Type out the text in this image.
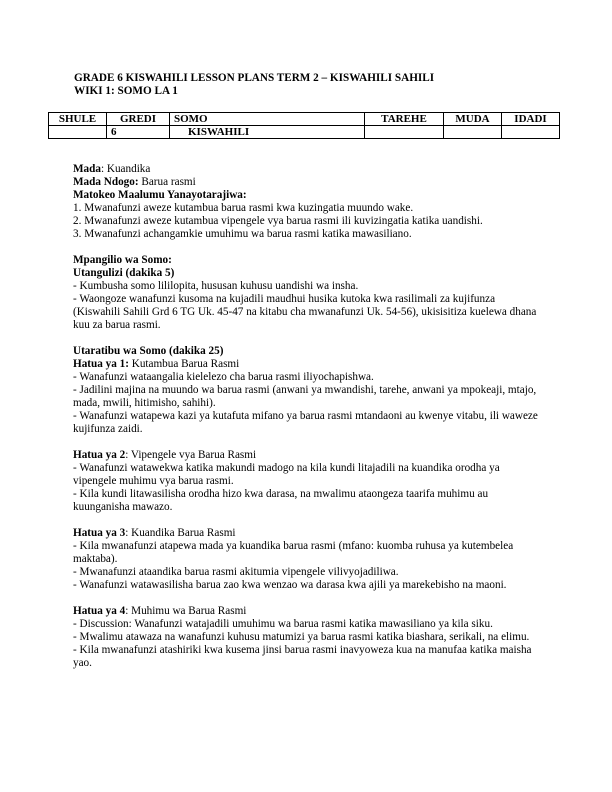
GRADE 6 KISWAHILI LESSON PLANS TERM 2 – KISWAHILI SAHILI
WIKI 1: SOMO LA 1
SHULE	GREDI	SOMO	TAREHE	MUDA	IDADI
	6	KISWAHILI			

Mada: Kuandika

Mada Ndogo: Barua rasmi

Matokeo Maalumu Yanayotarajiwa:

1. Mwanafunzi aweze kutambua barua rasmi kwa kuzingatia muundo wake.

2. Mwanafunzi aweze kutambua vipengele vya barua rasmi ili kuvizingatia katika uandishi.

3. Mwanafunzi achangamkie umuhimu wa barua rasmi katika mawasiliano.

Mpangilio wa Somo:

Utangulizi (dakika 5)

- Kumbusha somo lililopita, hususan kuhusu uandishi wa insha.

- Waongoze wanafunzi kusoma na kujadili maudhui husika kutoka kwa rasilimali za kujifunza (Kiswahili Sahili Grd 6 TG Uk. 45-47 na kitabu cha mwanafunzi Uk. 54-56), ukisisitiza kuelewa dhana kuu za barua rasmi.

Utaratibu wa Somo (dakika 25)

Hatua ya 1: Kutambua Barua Rasmi

- Wanafunzi wataangalia kielelezo cha barua rasmi iliyochapishwa.

- Jadilini majina na muundo wa barua rasmi (anwani ya mwandishi, tarehe, anwani ya mpokeaji, mtajo, mada, mwili, hitimisho, sahihi).

- Wanafunzi watapewa kazi ya kutafuta mifano ya barua rasmi mtandaoni au kwenye vitabu, ili waweze kujifunza zaidi.

Hatua ya 2: Vipengele vya Barua Rasmi

- Wanafunzi watawekwa katika makundi madogo na kila kundi litajadili na kuandika orodha ya vipengele muhimu vya barua rasmi.

- Kila kundi litawasilisha orodha hizo kwa darasa, na mwalimu ataongeza taarifa muhimu au kuunganisha mawazo.

Hatua ya 3: Kuandika Barua Rasmi

- Kila mwanafunzi atapewa mada ya kuandika barua rasmi (mfano: kuomba ruhusa ya kutembelea maktaba).

- Mwanafunzi ataandika barua rasmi akitumia vipengele vilivyojadiliwa.

- Wanafunzi watawasilisha barua zao kwa wenzao wa darasa kwa ajili ya marekebisho na maoni.

Hatua ya 4: Muhimu wa Barua Rasmi

- Discussion: Wanafunzi watajadili umuhimu wa barua rasmi katika mawasiliano ya kila siku.

- Mwalimu atawaza na wanafunzi kuhusu matumizi ya barua rasmi katika biashara, serikali, na elimu.

- Kila mwanafunzi atashiriki kwa kusema jinsi barua rasmi inavyoweza kua na manufaa katika maisha yao.
